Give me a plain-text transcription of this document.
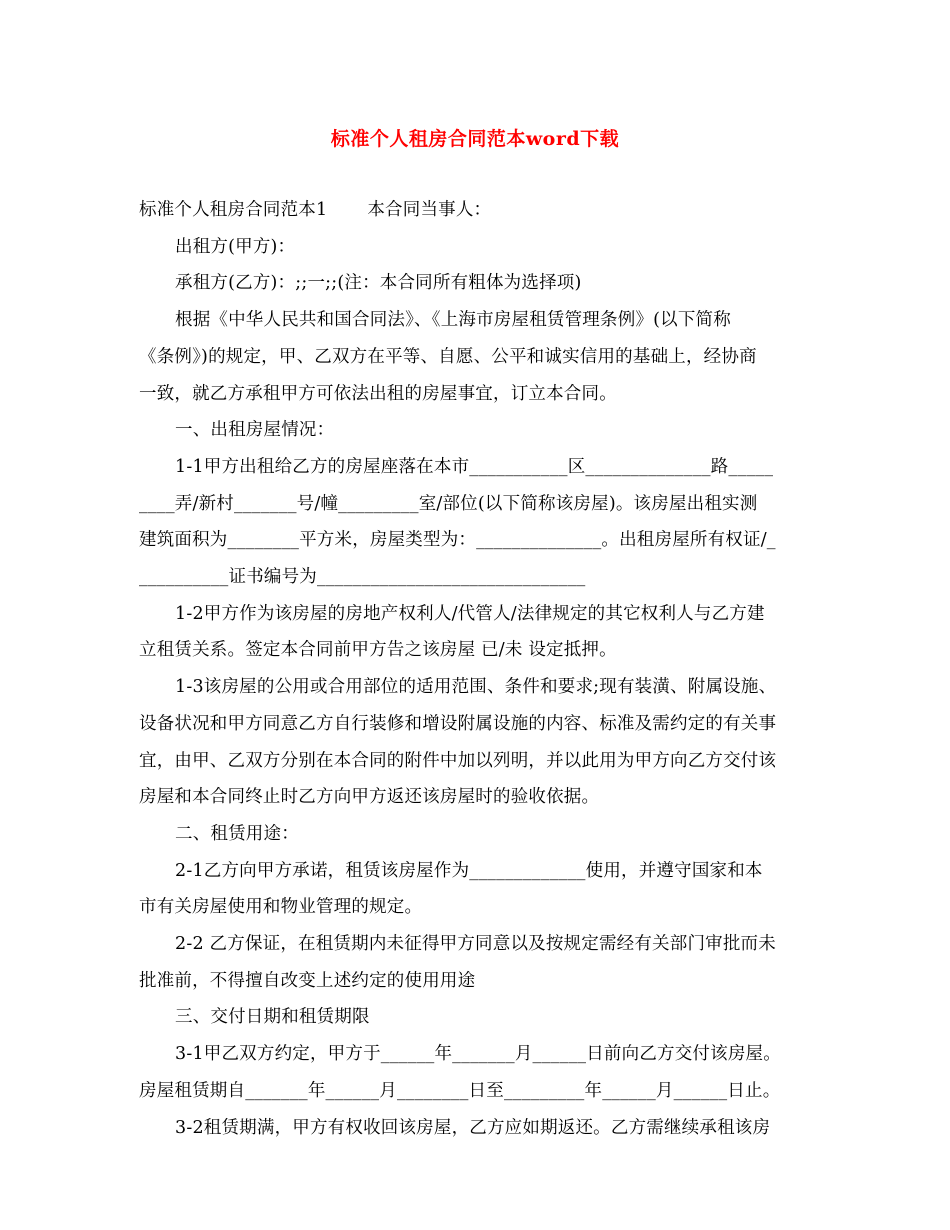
标准个人租房合同范本word下载
标准个人租房合同范本1 本合同当事人：
出租方(甲方)：
承租方(乙方)：;;一;;(注：本合同所有粗体为选择项)
根据《中华人民共和国合同法》、《上海市房屋租赁管理条例》(以下简称
《条例》)的规定，甲、乙双方在平等、自愿、公平和诚实信用的基础上，经协商
一致，就乙方承租甲方可依法出租的房屋事宜，订立本合同。
一、出租房屋情况：
1-1甲方出租给乙方的房屋座落在本市___________区______________路_____
____弄/新村_______号/幢_________室/部位(以下简称该房屋)。该房屋出租实测
建筑面积为________平方米，房屋类型为：______________。出租房屋所有权证/_
__________证书编号为______________________________
1-2甲方作为该房屋的房地产权利人/代管人/法律规定的其它权利人与乙方建
立租赁关系。签定本合同前甲方告之该房屋 已/未 设定抵押。
1-3该房屋的公用或合用部位的适用范围、条件和要求;现有装潢、附属设施、
设备状况和甲方同意乙方自行装修和增设附属设施的内容、标准及需约定的有关事
宜，由甲、乙双方分别在本合同的附件中加以列明，并以此用为甲方向乙方交付该
房屋和本合同终止时乙方向甲方返还该房屋时的验收依据。
二、租赁用途：
2-1乙方向甲方承诺，租赁该房屋作为_____________使用，并遵守国家和本
市有关房屋使用和物业管理的规定。
2-2 乙方保证，在租赁期内未征得甲方同意以及按规定需经有关部门审批而未
批准前，不得擅自改变上述约定的使用用途
三、交付日期和租赁期限
3-1甲乙双方约定，甲方于______年_______月______日前向乙方交付该房屋。
房屋租赁期自_______年______月________日至_________年______月______日止。
3-2租赁期满，甲方有权收回该房屋，乙方应如期返还。乙方需继续承租该房
